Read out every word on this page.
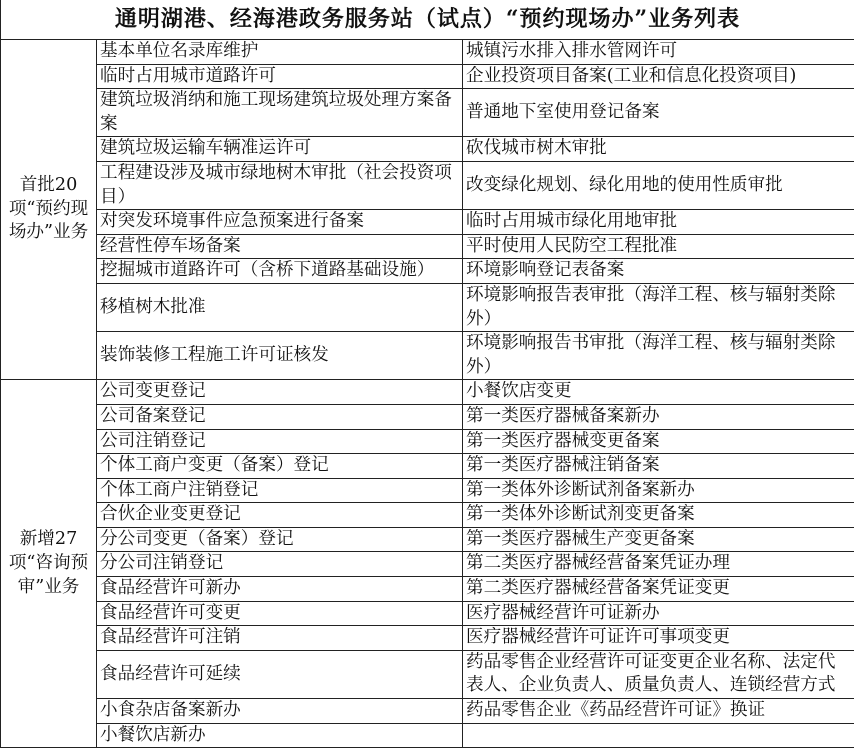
通明湖港、经海港政务服务站（试点）“预约现场办”业务列表		
首批20项“预约现场办”业务	基本单位名录库维护	城镇污水排入排水管网许可
	临时占用城市道路许可	企业投资项目备案(工业和信息化投资项目)
	建筑垃圾消纳和施工现场建筑垃圾处理方案备案	普通地下室使用登记备案
	建筑垃圾运输车辆准运许可	砍伐城市树木审批
	工程建设涉及城市绿地树木审批（社会投资项目）	改变绿化规划、绿化用地的使用性质审批
	对突发环境事件应急预案进行备案	临时占用城市绿化用地审批
	经营性停车场备案	平时使用人民防空工程批准
	挖掘城市道路许可（含桥下道路基础设施）	环境影响登记表备案
	移植树木批准	环境影响报告表审批（海洋工程、核与辐射类除外）
	装饰装修工程施工许可证核发	环境影响报告书审批（海洋工程、核与辐射类除外）
新增27项“咨询预审”业务	公司变更登记	小餐饮店变更
	公司备案登记	第一类医疗器械备案新办
	公司注销登记	第一类医疗器械变更备案
	个体工商户变更（备案）登记	第一类医疗器械注销备案
	个体工商户注销登记	第一类体外诊断试剂备案新办
	合伙企业变更登记	第一类体外诊断试剂变更备案
	分公司变更（备案）登记	第一类医疗器械生产变更备案
	分公司注销登记	第二类医疗器械经营备案凭证办理
	食品经营许可新办	第二类医疗器械经营备案凭证变更
	食品经营许可变更	医疗器械经营许可证新办
	食品经营许可注销	医疗器械经营许可证许可事项变更
	食品经营许可延续	药品零售企业经营许可证变更企业名称、法定代表人、企业负责人、质量负责人、连锁经营方式
	小食杂店备案新办	药品零售企业《药品经营许可证》换证
	小餐饮店新办	
